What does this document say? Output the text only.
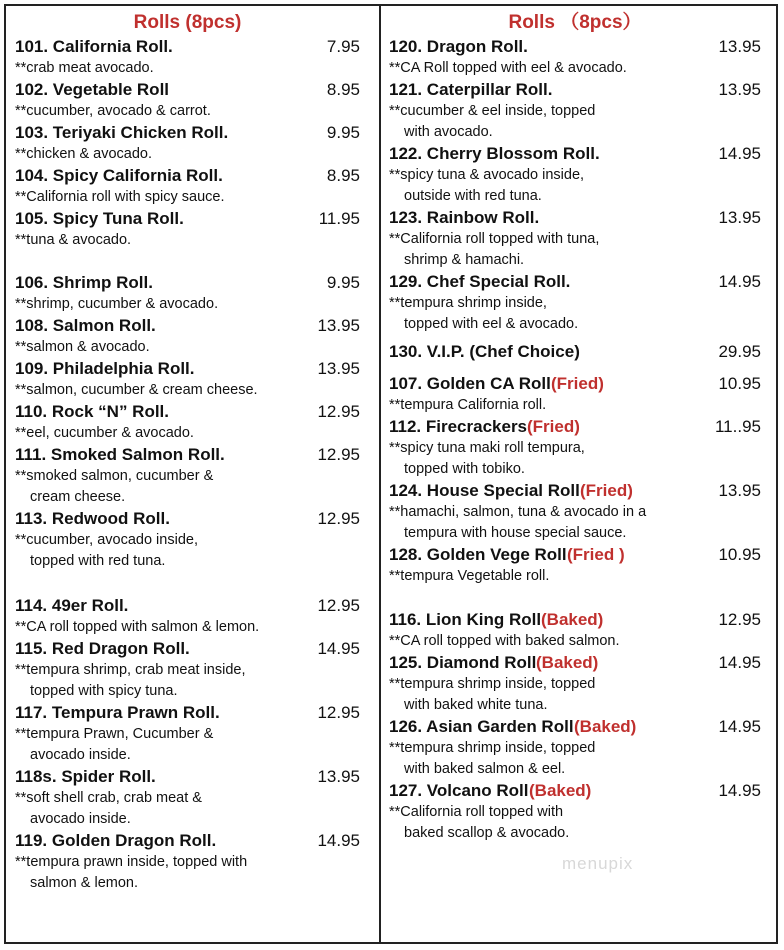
Rolls (8pcs)
101. California Roll.	7.95
**crab meat avocado.
102. Vegetable Roll	8.95
**cucumber, avocado & carrot.
103. Teriyaki Chicken Roll.	9.95
**chicken & avocado.
104. Spicy California Roll.	8.95
**California roll with spicy sauce.
105. Spicy Tuna Roll.	11.95
**tuna & avocado.
106. Shrimp Roll.	9.95
**shrimp, cucumber & avocado.
108. Salmon Roll.	13.95
**salmon & avocado.
109. Philadelphia Roll.	13.95
**salmon, cucumber & cream cheese.
110. Rock “N” Roll.	12.95
**eel, cucumber & avocado.
111. Smoked Salmon Roll.	12.95
**smoked salmon, cucumber &
cream cheese.
113. Redwood Roll.	12.95
**cucumber, avocado inside,
topped with red tuna.
114. 49er Roll.	12.95
**CA roll topped with salmon & lemon.
115. Red Dragon Roll.	14.95
**tempura shrimp, crab meat inside,
topped with spicy tuna.
117. Tempura Prawn Roll.	12.95
**tempura Prawn, Cucumber &
avocado inside.
118s. Spider Roll.	13.95
**soft shell crab, crab meat &
avocado inside.
119. Golden Dragon Roll.	14.95
**tempura prawn inside, topped with
salmon & lemon.
Rolls （8pcs）
120. Dragon Roll.	13.95
**CA Roll topped with eel & avocado.
121. Caterpillar Roll.	13.95
**cucumber & eel inside, topped
with avocado.
122. Cherry Blossom Roll.	14.95
**spicy tuna & avocado inside,
outside with red tuna.
123. Rainbow Roll.	13.95
**California roll topped with tuna,
shrimp & hamachi.
129. Chef Special Roll.	14.95
**tempura shrimp inside,
topped with eel & avocado.
130. V.I.P. (Chef Choice)	29.95
107. Golden CA Roll (Fried)	10.95
**tempura California roll.
112. Firecrackers (Fried)	11..95
**spicy tuna maki roll tempura,
topped with tobiko.
124. House Special Roll (Fried)	13.95
**hamachi, salmon, tuna & avocado in a
tempura with house special sauce.
128. Golden Vege Roll (Fried )	10.95
**tempura Vegetable roll.
116. Lion King Roll (Baked)	12.95
**CA roll topped with baked salmon.
125. Diamond Roll (Baked)	14.95
**tempura shrimp inside, topped
with baked white tuna.
126. Asian Garden Roll (Baked)	14.95
**tempura shrimp inside, topped
with baked salmon & eel.
127. Volcano Roll (Baked)	14.95
**California roll topped with
baked scallop & avocado.
menupix
